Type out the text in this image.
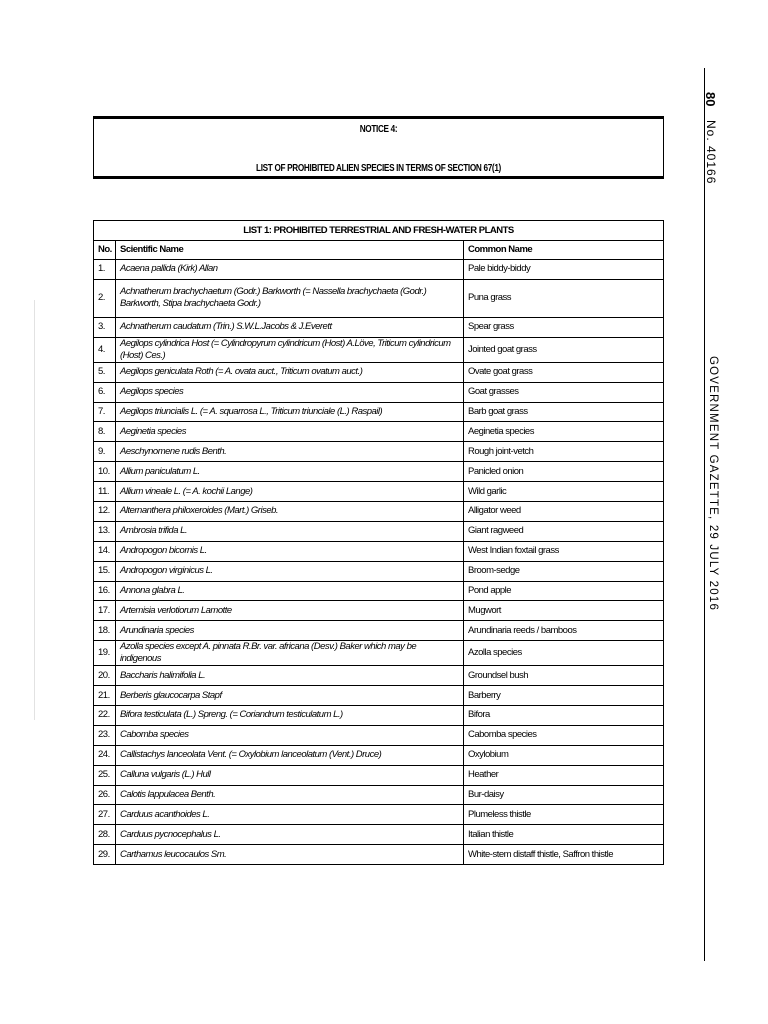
NOTICE 4:
LIST OF PROHIBITED ALIEN SPECIES IN TERMS OF SECTION 67(1)
LIST 1: PROHIBITED TERRESTRIAL AND FRESH-WATER PLANTS		
No.	Scientific Name	Common Name
1.	Acaena pallida (Kirk) Allan	Pale biddy-biddy
2.	Achnatherum brachychaetum (Godr.) Barkworth (= Nassella brachychaeta (Godr.) Barkworth, Stipa brachychaeta Godr.)	Puna grass
3.	Achnatherum caudatum (Trin.) S.W.L.Jacobs & J.Everett	Spear grass
4.	Aegilops cylindrica Host (= Cylindropyrum cylindricum (Host) A.Löve, Triticum cylindricum (Host) Ces.)	Jointed goat grass
5.	Aegilops geniculata Roth (= A. ovata auct., Triticum ovatum auct.)	Ovate goat grass
6.	Aegilops species	Goat grasses
7.	Aegilops triuncialis L. (= A. squarrosa L., Triticum triunciale (L.) Raspail)	Barb goat grass
8.	Aeginetia species	Aeginetia species
9.	Aeschynomene rudis Benth.	Rough joint-vetch
10.	Allium paniculatum L.	Panicled onion
11.	Allium vineale L. (= A. kochii Lange)	Wild garlic
12.	Alternanthera philoxeroides (Mart.) Griseb.	Alligator weed
13.	Ambrosia trifida L.	Giant ragweed
14.	Andropogon bicornis L.	West Indian foxtail grass
15.	Andropogon virginicus L.	Broom-sedge
16.	Annona glabra L.	Pond apple
17.	Artemisia verlotiorum Lamotte	Mugwort
18.	Arundinaria species	Arundinaria reeds / bamboos
19.	Azolla species except A. pinnata R.Br. var. africana (Desv.) Baker which may be indigenous	Azolla species
20.	Baccharis halimifolia L.	Groundsel bush
21.	Berberis glaucocarpa Stapf	Barberry
22.	Bifora testiculata (L.) Spreng. (= Coriandrum testiculatum L.)	Bifora
23.	Cabomba species	Cabomba species
24.	Callistachys lanceolata Vent. (= Oxylobium lanceolatum (Vent.) Druce)	Oxylobium
25.	Calluna vulgaris (L.) Hull	Heather
26.	Calotis lappulacea Benth.	Bur-daisy
27.	Carduus acanthoides L.	Plumeless thistle
28.	Carduus pycnocephalus L.	Italian thistle
29.	Carthamus leucocaulos Sm.	White-stem distaff thistle, Saffron thistle
80
No. 40166
GOVERNMENT GAZETTE, 29 JULY 2016
